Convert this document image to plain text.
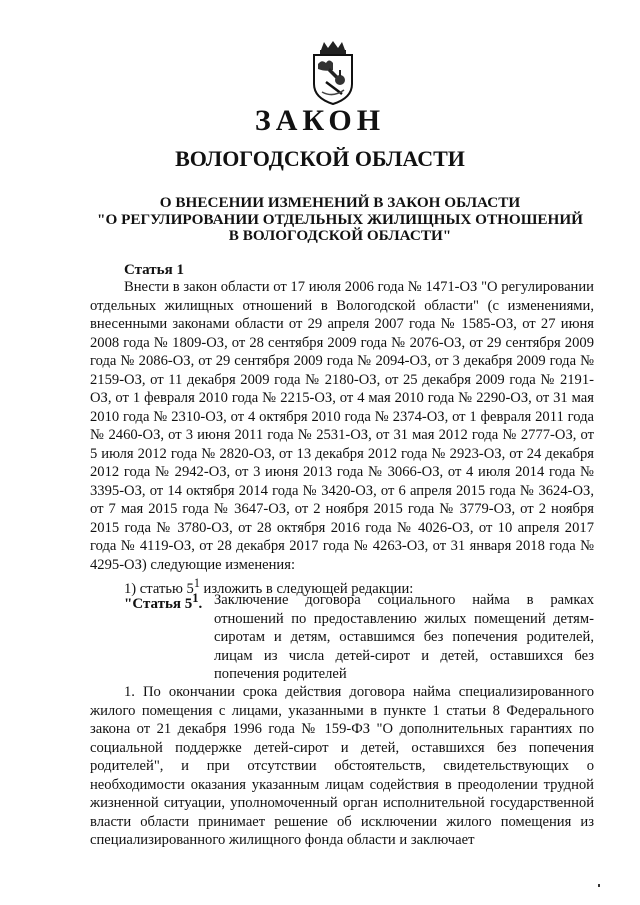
ЗАКОН
ВОЛОГОДСКОЙ ОБЛАСТИ
О ВНЕСЕНИИ ИЗМЕНЕНИЙ В ЗАКОН ОБЛАСТИ
"О РЕГУЛИРОВАНИИ ОТДЕЛЬНЫХ ЖИЛИЩНЫХ ОТНОШЕНИЙ
В ВОЛОГОДСКОЙ ОБЛАСТИ"
Статья 1
Внести в закон области от 17 июля 2006 года № 1471-ОЗ "О регулировании отдельных жилищных отношений в Вологодской области" (с изменениями, внесенными законами области от 29 апреля 2007 года № 1585-ОЗ, от 27 июня 2008 года № 1809-ОЗ, от 28 сентября 2009 года № 2076-ОЗ, от 29 сентября 2009 года № 2086-ОЗ, от 29 сентября 2009 года № 2094-ОЗ, от 3 декабря 2009 года № 2159-ОЗ, от 11 декабря 2009 года № 2180-ОЗ, от 25 декабря 2009 года № 2191-ОЗ, от 1 февраля 2010 года № 2215-ОЗ, от 4 мая 2010 года № 2290-ОЗ, от 31 мая 2010 года № 2310-ОЗ, от 4 октября 2010 года № 2374-ОЗ, от 1 февраля 2011 года № 2460-ОЗ, от 3 июня 2011 года № 2531-ОЗ, от 31 мая 2012 года № 2777-ОЗ, от 5 июля 2012 года № 2820-ОЗ, от 13 декабря 2012 года № 2923-ОЗ, от 24 декабря 2012 года № 2942-ОЗ, от 3 июня 2013 года № 3066-ОЗ, от 4 июля 2014 года № 3395-ОЗ, от 14 октября 2014 года № 3420-ОЗ, от 6 апреля 2015 года № 3624-ОЗ, от 7 мая 2015 года № 3647-ОЗ, от 2 ноября 2015 года № 3779-ОЗ, от 2 ноября 2015 года № 3780-ОЗ, от 28 октября 2016 года № 4026-ОЗ, от 10 апреля 2017 года № 4119-ОЗ, от 28 декабря 2017 года № 4263-ОЗ, от 31 января 2018 года № 4295-ОЗ) следующие изменения:
1) статью $5^1$ изложить в следующей редакции:
"Статья $5^1$. Заключение договора социального найма в рамках отношений по предоставлению жилых помещений детям-сиротам и детям, оставшимся без попечения родителей, лицам из числа детей-сирот и детей, оставшихся без попечения родителей
1. По окончании срока действия договора найма специализированного жилого помещения с лицами, указанными в пункте 1 статьи 8 Федерального закона от 21 декабря 1996 года № 159-ФЗ "О дополнительных гарантиях по социальной поддержке детей-сирот и детей, оставшихся без попечения родителей", и при отсутствии обстоятельств, свидетельствующих о необходимости оказания указанным лицам содействия в преодолении трудной жизненной ситуации, уполномоченный орган исполнительной государственной власти области принимает решение об исключении жилого помещения из специализированного жилищного фонда области и заключает
